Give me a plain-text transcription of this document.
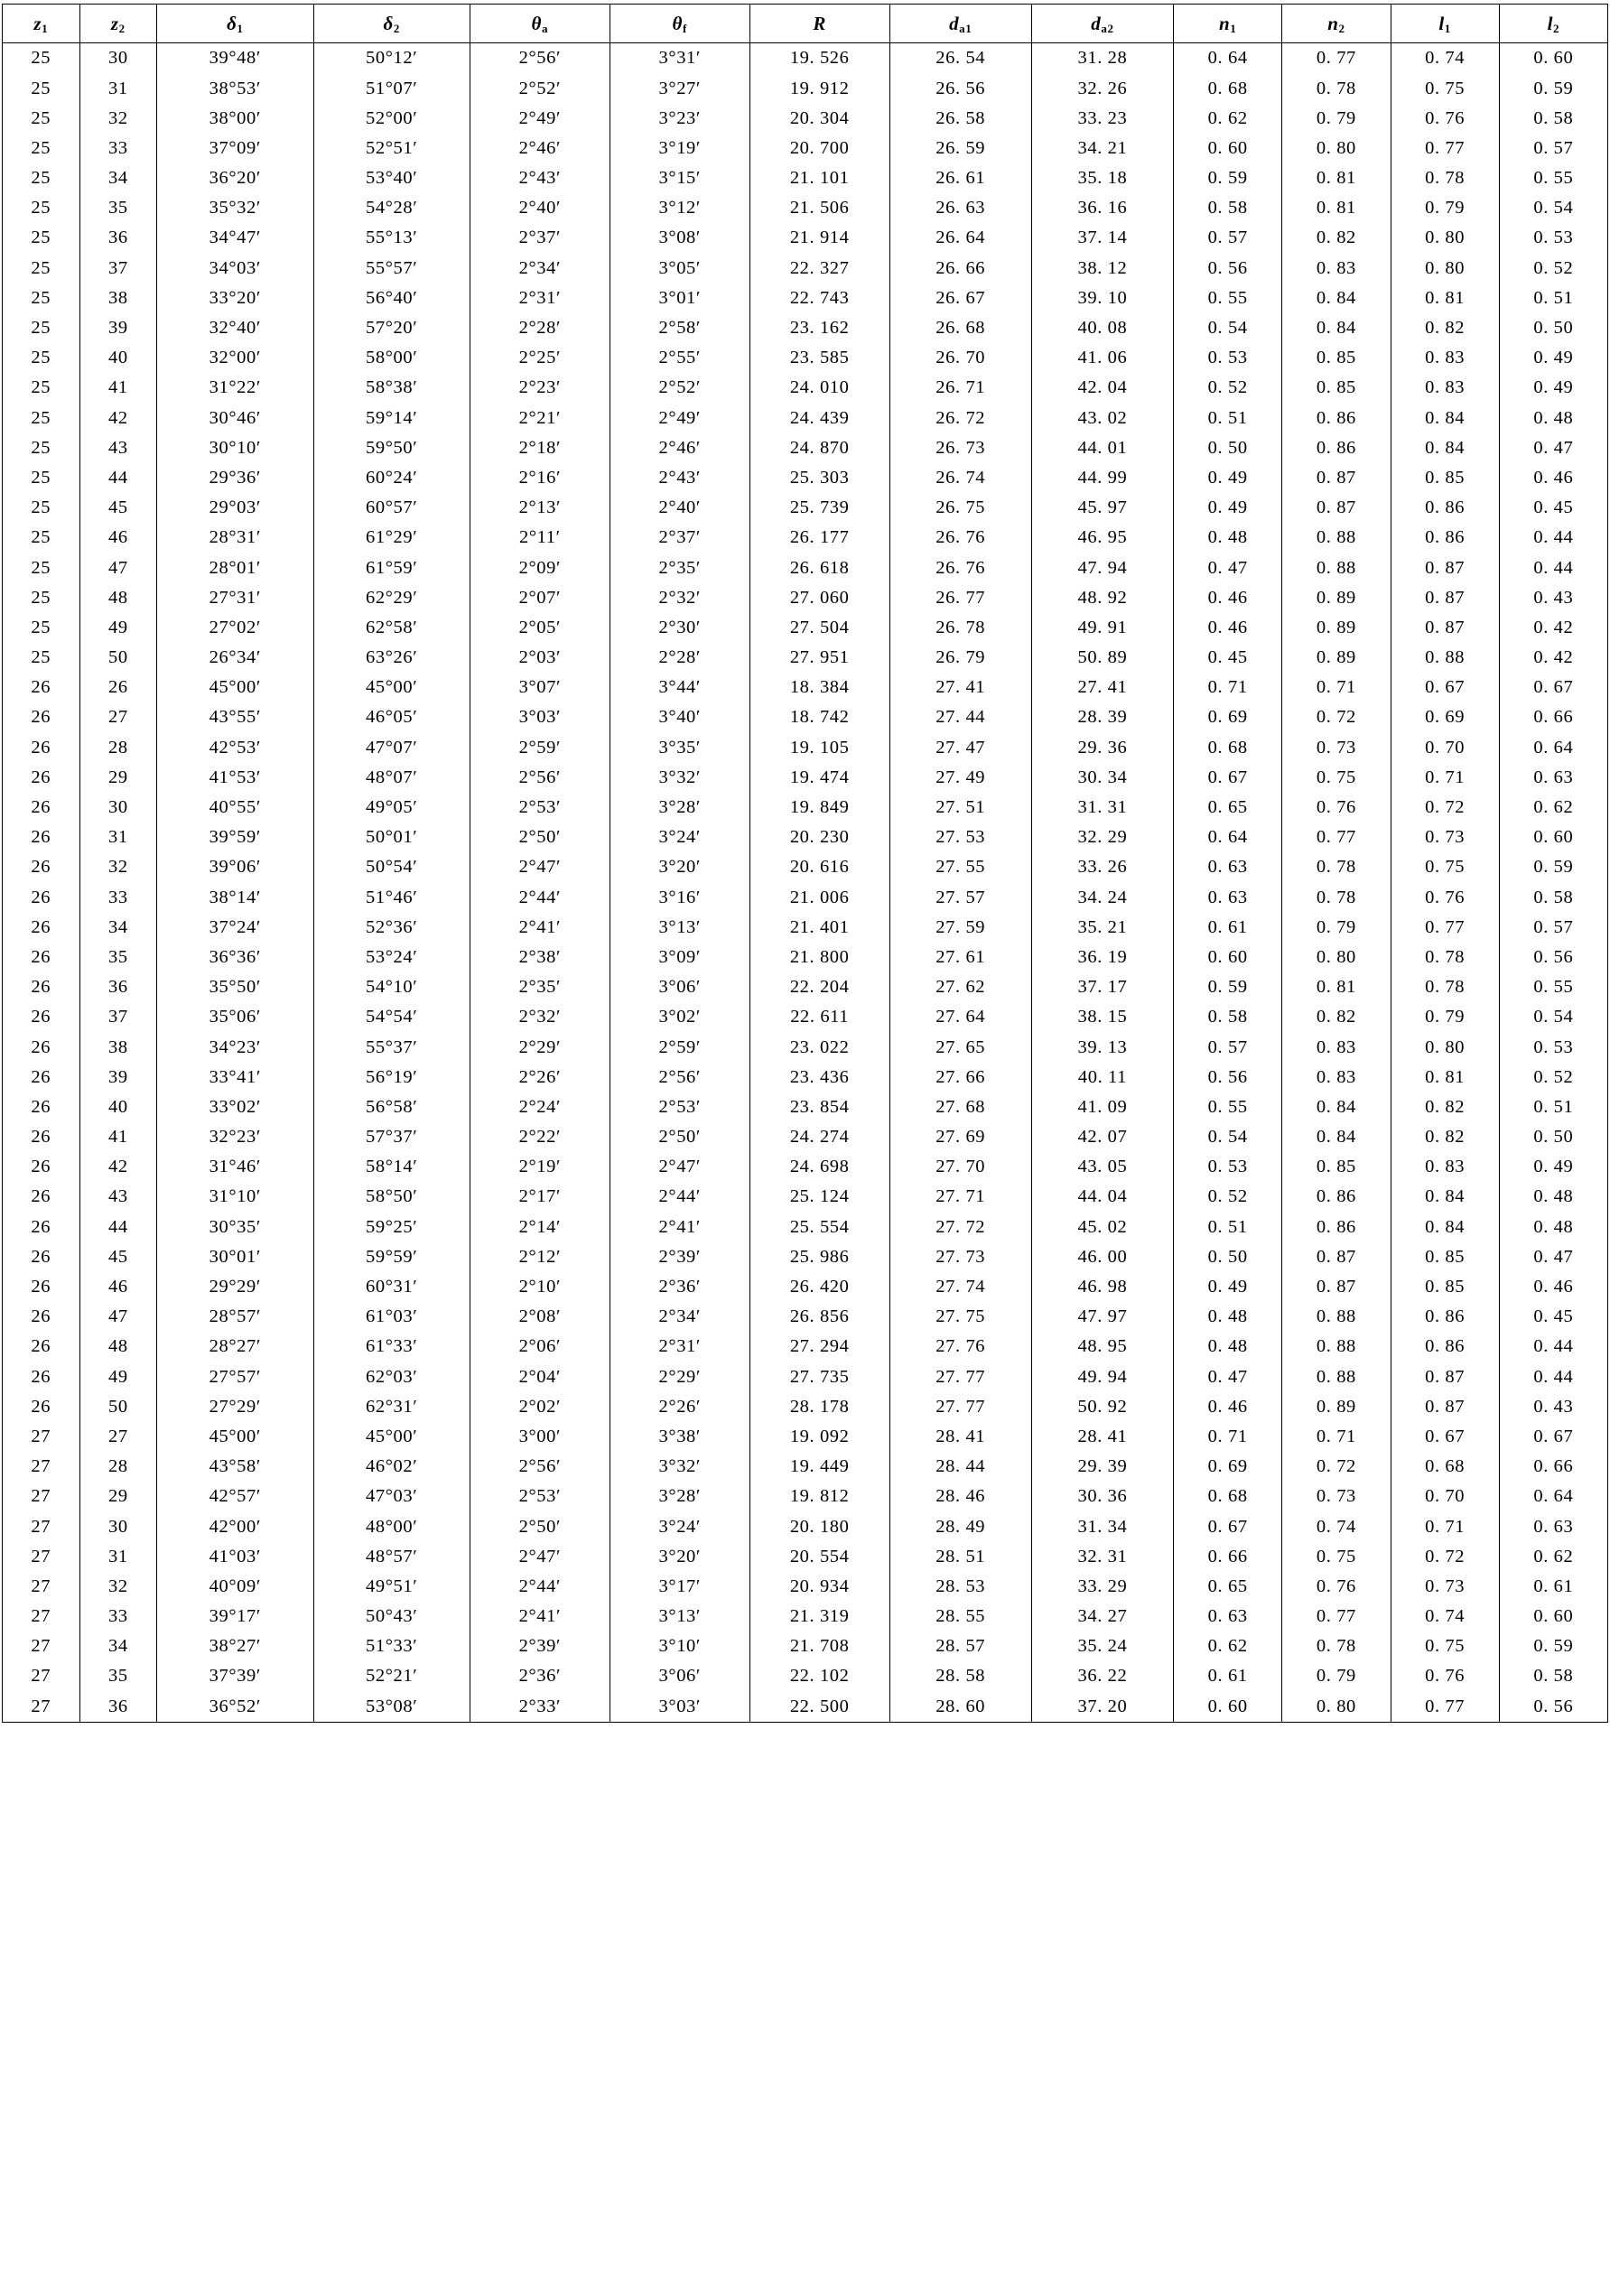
$z_1$	$z_2$	$\delta_1$	$\delta_2$	$\theta_a$	$\theta_f$	R	$d_{a1}$	$d_{a2}$	$n_1$	$n_2$	$l_1$	$l_2$
25	30	39°48′	50°12′	2°56′	3°31′	19. 526	26. 54	31. 28	0. 64	0. 77	0. 74	0. 60
25	31	38°53′	51°07′	2°52′	3°27′	19. 912	26. 56	32. 26	0. 68	0. 78	0. 75	0. 59
25	32	38°00′	52°00′	2°49′	3°23′	20. 304	26. 58	33. 23	0. 62	0. 79	0. 76	0. 58
25	33	37°09′	52°51′	2°46′	3°19′	20. 700	26. 59	34. 21	0. 60	0. 80	0. 77	0. 57
25	34	36°20′	53°40′	2°43′	3°15′	21. 101	26. 61	35. 18	0. 59	0. 81	0. 78	0. 55
25	35	35°32′	54°28′	2°40′	3°12′	21. 506	26. 63	36. 16	0. 58	0. 81	0. 79	0. 54
25	36	34°47′	55°13′	2°37′	3°08′	21. 914	26. 64	37. 14	0. 57	0. 82	0. 80	0. 53
25	37	34°03′	55°57′	2°34′	3°05′	22. 327	26. 66	38. 12	0. 56	0. 83	0. 80	0. 52
25	38	33°20′	56°40′	2°31′	3°01′	22. 743	26. 67	39. 10	0. 55	0. 84	0. 81	0. 51
25	39	32°40′	57°20′	2°28′	2°58′	23. 162	26. 68	40. 08	0. 54	0. 84	0. 82	0. 50
25	40	32°00′	58°00′	2°25′	2°55′	23. 585	26. 70	41. 06	0. 53	0. 85	0. 83	0. 49
25	41	31°22′	58°38′	2°23′	2°52′	24. 010	26. 71	42. 04	0. 52	0. 85	0. 83	0. 49
25	42	30°46′	59°14′	2°21′	2°49′	24. 439	26. 72	43. 02	0. 51	0. 86	0. 84	0. 48
25	43	30°10′	59°50′	2°18′	2°46′	24. 870	26. 73	44. 01	0. 50	0. 86	0. 84	0. 47
25	44	29°36′	60°24′	2°16′	2°43′	25. 303	26. 74	44. 99	0. 49	0. 87	0. 85	0. 46
25	45	29°03′	60°57′	2°13′	2°40′	25. 739	26. 75	45. 97	0. 49	0. 87	0. 86	0. 45
25	46	28°31′	61°29′	2°11′	2°37′	26. 177	26. 76	46. 95	0. 48	0. 88	0. 86	0. 44
25	47	28°01′	61°59′	2°09′	2°35′	26. 618	26. 76	47. 94	0. 47	0. 88	0. 87	0. 44
25	48	27°31′	62°29′	2°07′	2°32′	27. 060	26. 77	48. 92	0. 46	0. 89	0. 87	0. 43
25	49	27°02′	62°58′	2°05′	2°30′	27. 504	26. 78	49. 91	0. 46	0. 89	0. 87	0. 42
25	50	26°34′	63°26′	2°03′	2°28′	27. 951	26. 79	50. 89	0. 45	0. 89	0. 88	0. 42
26	26	45°00′	45°00′	3°07′	3°44′	18. 384	27. 41	27. 41	0. 71	0. 71	0. 67	0. 67
26	27	43°55′	46°05′	3°03′	3°40′	18. 742	27. 44	28. 39	0. 69	0. 72	0. 69	0. 66
26	28	42°53′	47°07′	2°59′	3°35′	19. 105	27. 47	29. 36	0. 68	0. 73	0. 70	0. 64
26	29	41°53′	48°07′	2°56′	3°32′	19. 474	27. 49	30. 34	0. 67	0. 75	0. 71	0. 63
26	30	40°55′	49°05′	2°53′	3°28′	19. 849	27. 51	31. 31	0. 65	0. 76	0. 72	0. 62
26	31	39°59′	50°01′	2°50′	3°24′	20. 230	27. 53	32. 29	0. 64	0. 77	0. 73	0. 60
26	32	39°06′	50°54′	2°47′	3°20′	20. 616	27. 55	33. 26	0. 63	0. 78	0. 75	0. 59
26	33	38°14′	51°46′	2°44′	3°16′	21. 006	27. 57	34. 24	0. 63	0. 78	0. 76	0. 58
26	34	37°24′	52°36′	2°41′	3°13′	21. 401	27. 59	35. 21	0. 61	0. 79	0. 77	0. 57
26	35	36°36′	53°24′	2°38′	3°09′	21. 800	27. 61	36. 19	0. 60	0. 80	0. 78	0. 56
26	36	35°50′	54°10′	2°35′	3°06′	22. 204	27. 62	37. 17	0. 59	0. 81	0. 78	0. 55
26	37	35°06′	54°54′	2°32′	3°02′	22. 611	27. 64	38. 15	0. 58	0. 82	0. 79	0. 54
26	38	34°23′	55°37′	2°29′	2°59′	23. 022	27. 65	39. 13	0. 57	0. 83	0. 80	0. 53
26	39	33°41′	56°19′	2°26′	2°56′	23. 436	27. 66	40. 11	0. 56	0. 83	0. 81	0. 52
26	40	33°02′	56°58′	2°24′	2°53′	23. 854	27. 68	41. 09	0. 55	0. 84	0. 82	0. 51
26	41	32°23′	57°37′	2°22′	2°50′	24. 274	27. 69	42. 07	0. 54	0. 84	0. 82	0. 50
26	42	31°46′	58°14′	2°19′	2°47′	24. 698	27. 70	43. 05	0. 53	0. 85	0. 83	0. 49
26	43	31°10′	58°50′	2°17′	2°44′	25. 124	27. 71	44. 04	0. 52	0. 86	0. 84	0. 48
26	44	30°35′	59°25′	2°14′	2°41′	25. 554	27. 72	45. 02	0. 51	0. 86	0. 84	0. 48
26	45	30°01′	59°59′	2°12′	2°39′	25. 986	27. 73	46. 00	0. 50	0. 87	0. 85	0. 47
26	46	29°29′	60°31′	2°10′	2°36′	26. 420	27. 74	46. 98	0. 49	0. 87	0. 85	0. 46
26	47	28°57′	61°03′	2°08′	2°34′	26. 856	27. 75	47. 97	0. 48	0. 88	0. 86	0. 45
26	48	28°27′	61°33′	2°06′	2°31′	27. 294	27. 76	48. 95	0. 48	0. 88	0. 86	0. 44
26	49	27°57′	62°03′	2°04′	2°29′	27. 735	27. 77	49. 94	0. 47	0. 88	0. 87	0. 44
26	50	27°29′	62°31′	2°02′	2°26′	28. 178	27. 77	50. 92	0. 46	0. 89	0. 87	0. 43
27	27	45°00′	45°00′	3°00′	3°38′	19. 092	28. 41	28. 41	0. 71	0. 71	0. 67	0. 67
27	28	43°58′	46°02′	2°56′	3°32′	19. 449	28. 44	29. 39	0. 69	0. 72	0. 68	0. 66
27	29	42°57′	47°03′	2°53′	3°28′	19. 812	28. 46	30. 36	0. 68	0. 73	0. 70	0. 64
27	30	42°00′	48°00′	2°50′	3°24′	20. 180	28. 49	31. 34	0. 67	0. 74	0. 71	0. 63
27	31	41°03′	48°57′	2°47′	3°20′	20. 554	28. 51	32. 31	0. 66	0. 75	0. 72	0. 62
27	32	40°09′	49°51′	2°44′	3°17′	20. 934	28. 53	33. 29	0. 65	0. 76	0. 73	0. 61
27	33	39°17′	50°43′	2°41′	3°13′	21. 319	28. 55	34. 27	0. 63	0. 77	0. 74	0. 60
27	34	38°27′	51°33′	2°39′	3°10′	21. 708	28. 57	35. 24	0. 62	0. 78	0. 75	0. 59
27	35	37°39′	52°21′	2°36′	3°06′	22. 102	28. 58	36. 22	0. 61	0. 79	0. 76	0. 58
27	36	36°52′	53°08′	2°33′	3°03′	22. 500	28. 60	37. 20	0. 60	0. 80	0. 77	0. 56
